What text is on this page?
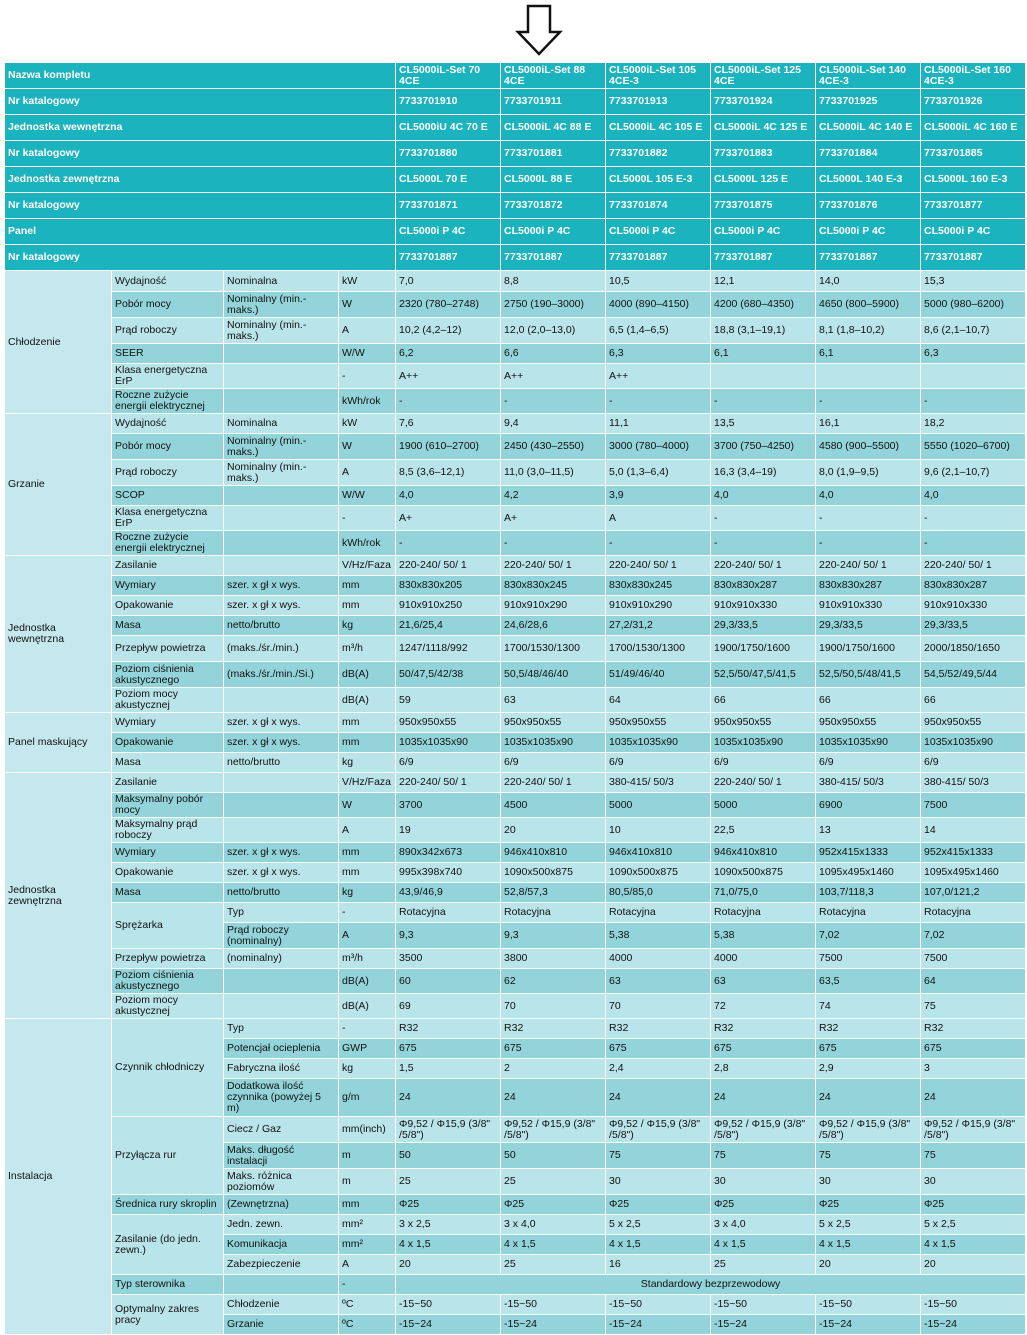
Nazwa kompletu				CL5000iL-Set 70 4CE	CL5000iL-Set 88 4CE	CL5000iL-Set 105 4CE-3	CL5000iL-Set 125 4CE	CL5000iL-Set 140 4CE-3	CL5000iL-Set 160 4CE-3
Nr katalogowy				7733701910	7733701911	7733701913	7733701924	7733701925	7733701926
Jednostka wewnętrzna				CL5000iU 4C 70 E	CL5000iL 4C 88 E	CL5000iL 4C 105 E	CL5000iL 4C 125 E	CL5000iL 4C 140 E	CL5000iL 4C 160 E
Nr katalogowy				7733701880	7733701881	7733701882	7733701883	7733701884	7733701885
Jednostka zewnętrzna				CL5000L 70 E	CL5000L 88 E	CL5000L 105 E-3	CL5000L 125 E	CL5000L 140 E-3	CL5000L 160 E-3
Nr katalogowy				7733701871	7733701872	7733701874	7733701875	7733701876	7733701877
Panel				CL5000i P 4C	CL5000i P 4C	CL5000i P 4C	CL5000i P 4C	CL5000i P 4C	CL5000i P 4C
Nr katalogowy				7733701887	7733701887	7733701887	7733701887	7733701887	7733701887
Chłodzenie	Wydajność	Nominalna	kW	7,0	8,8	10,5	12,1	14,0	15,3
	Pobór mocy	Nominalny (min.-maks.)	W	2320 (780–2748)	2750 (190–3000)	4000 (890–4150)	4200 (680–4350)	4650 (800–5900)	5000 (980–6200)
	Prąd roboczy	Nominalny (min.-maks.)	A	10,2 (4,2–12)	12,0 (2,0–13,0)	6,5 (1,4–6,5)	18,8 (3,1–19,1)	8,1 (1,8–10,2)	8,6 (2,1–10,7)
	SEER		W/W	6,2	6,6	6,3	6,1	6,1	6,3
	Klasa energetyczna ErP		-	A++	A++	A++			
	Roczne zużycie energii elektrycznej		kWh/rok	-	-	-	-	-	-
Grzanie	Wydajność	Nominalna	kW	7,6	9,4	11,1	13,5	16,1	18,2
	Pobór mocy	Nominalny (min.-maks.)	W	1900 (610–2700)	2450 (430–2550)	3000 (780–4000)	3700 (750–4250)	4580 (900–5500)	5550 (1020–6700)
	Prąd roboczy	Nominalny (min.-maks.)	A	8,5 (3,6–12,1)	11,0 (3,0–11,5)	5,0 (1,3–6,4)	16,3 (3,4–19)	8,0 (1,9–9,5)	9,6 (2,1–10,7)
	SCOP		W/W	4,0	4,2	3,9	4,0	4,0	4,0
	Klasa energetyczna ErP		-	A+	A+	A	-	-	-
	Roczne zużycie energii elektrycznej		kWh/rok	-	-	-	-	-	-
Jednostka wewnętrzna	Zasilanie		V/Hz/Faza	220-240/ 50/ 1	220-240/ 50/ 1	220-240/ 50/ 1	220-240/ 50/ 1	220-240/ 50/ 1	220-240/ 50/ 1
	Wymiary	szer. x gł x wys.	mm	830x830x205	830x830x245	830x830x245	830x830x287	830x830x287	830x830x287
	Opakowanie	szer. x gł x wys.	mm	910x910x250	910x910x290	910x910x290	910x910x330	910x910x330	910x910x330
	Masa	netto/brutto	kg	21,6/25,4	24,6/28,6	27,2/31,2	29,3/33,5	29,3/33,5	29,3/33,5
	Przepływ powietrza	(maks./śr./min.)	m³/h	1247/1118/992	1700/1530/1300	1700/1530/1300	1900/1750/1600	1900/1750/1600	2000/1850/1650
	Poziom ciśnienia akustycznego	(maks./śr./min./Si.)	dB(A)	50/47,5/42/38	50,5/48/46/40	51/49/46/40	52,5/50/47,5/41,5	52,5/50,5/48/41,5	54,5/52/49,5/44
	Poziom mocy akustycznej		dB(A)	59	63	64	66	66	66
Panel maskujący	Wymiary	szer. x gł x wys.	mm	950x950x55	950x950x55	950x950x55	950x950x55	950x950x55	950x950x55
	Opakowanie	szer. x gł x wys.	mm	1035x1035x90	1035x1035x90	1035x1035x90	1035x1035x90	1035x1035x90	1035x1035x90
	Masa	netto/brutto	kg	6/9	6/9	6/9	6/9	6/9	6/9
Jednostka zewnętrzna	Zasilanie		V/Hz/Faza	220-240/ 50/ 1	220-240/ 50/ 1	380-415/ 50/3	220-240/ 50/ 1	380-415/ 50/3	380-415/ 50/3
	Maksymalny pobór mocy		W	3700	4500	5000	5000	6900	7500
	Maksymalny prąd roboczy		A	19	20	10	22,5	13	14
	Wymiary	szer. x gł x wys.	mm	890x342x673	946x410x810	946x410x810	946x410x810	952x415x1333	952x415x1333
	Opakowanie	szer. x gł x wys.	mm	995x398x740	1090x500x875	1090x500x875	1090x500x875	1095x495x1460	1095x495x1460
	Masa	netto/brutto	kg	43,9/46,9	52,8/57,3	80,5/85,0	71,0/75,0	103,7/118,3	107,0/121,2
	Sprężarka	Typ	-	Rotacyjna	Rotacyjna	Rotacyjna	Rotacyjna	Rotacyjna	Rotacyjna
		Prąd roboczy (nominalny)	A	9,3	9,3	5,38	5,38	7,02	7,02
	Przepływ powietrza	(nominalny)	m³/h	3500	3800	4000	4000	7500	7500
	Poziom ciśnienia akustycznego		dB(A)	60	62	63	63	63,5	64
	Poziom mocy akustycznej		dB(A)	69	70	70	72	74	75
Instalacja	Czynnik chłodniczy	Typ	-	R32	R32	R32	R32	R32	R32
		Potencjał ocieplenia	GWP	675	675	675	675	675	675
		Fabryczna ilość	kg	1,5	2	2,4	2,8	2,9	3
		Dodatkowa ilość czynnika (powyżej 5 m)	g/m	24	24	24	24	24	24
	Przyłącza rur	Ciecz / Gaz	mm(inch)	Φ9,52 / Φ15,9 (3/8" /5/8")	Φ9,52 / Φ15,9 (3/8" /5/8")	Φ9,52 / Φ15,9 (3/8" /5/8")	Φ9,52 / Φ15,9 (3/8" /5/8")	Φ9,52 / Φ15,9 (3/8" /5/8")	Φ9,52 / Φ15,9 (3/8" /5/8")
		Maks. długość instalacji	m	50	50	75	75	75	75
		Maks. różnica poziomów	m	25	25	30	30	30	30
	Średnica rury skroplin	(Zewnętrzna)	mm	Φ25	Φ25	Φ25	Φ25	Φ25	Φ25
	Zasilanie (do jedn. zewn.)	Jedn. zewn.	mm²	3 x 2,5	3 x 4,0	5 x 2,5	3 x 4,0	5 x 2,5	5 x 2,5
		Komunikacja	mm²	4 x 1,5	4 x 1,5	4 x 1,5	4 x 1,5	4 x 1,5	4 x 1,5
		Zabezpieczenie	A	20	25	16	25	20	20
	Typ sterownika		-	Standardowy bezprzewodowy					
	Optymalny zakres pracy	Chłodzenie	ºC	-15~50	-15~50	-15~50	-15~50	-15~50	-15~50
		Grzanie	ºC	-15~24	-15~24	-15~24	-15~24	-15~24	-15~24
